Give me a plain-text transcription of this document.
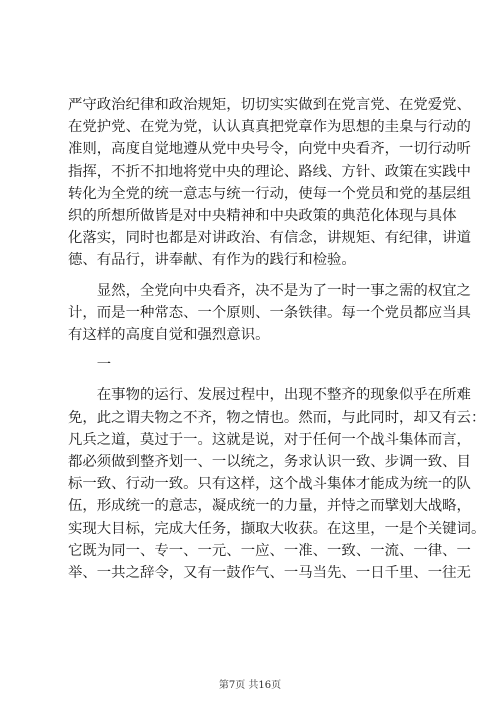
严守政治纪律和政治规矩，切切实实做到在党言党、在党爱党、

在党护党、在党为党，认认真真把党章作为思想的圭臬与行动的

准则，高度自觉地遵从党中央号令，向党中央看齐，一切行动听

指挥，不折不扣地将党中央的理论、路线、方针、政策在实践中

转化为全党的统一意志与统一行动，使每一个党员和党的基层组

织的所想所做皆是对中央精神和中央政策的典范化体现与具体

化落实，同时也都是对讲政治、有信念，讲规矩、有纪律，讲道

德、有品行，讲奉献、有作为的践行和检验。

　　显然，全党向中央看齐，决不是为了一时一事之需的权宜之

计，而是一种常态、一个原则、一条铁律。每一个党员都应当具

有这样的高度自觉和强烈意识。

　　一

　　在事物的运行、发展过程中，出现不整齐的现象似乎在所难

免，此之谓夫物之不齐，物之情也。然而，与此同时，却又有云：

凡兵之道，莫过于一。这就是说，对于任何一个战斗集体而言，

都必须做到整齐划一、一以统之，务求认识一致、步调一致、目

标一致、行动一致。只有这样，这个战斗集体才能成为统一的队

伍，形成统一的意志，凝成统一的力量，并恃之而擘划大战略，

实现大目标，完成大任务，撷取大收获。在这里，一是个关键词。

它既为同一、专一、一元、一应、一准、一致、一流、一律、一

举、一共之辞令，又有一鼓作气、一马当先、一日千里、一往无

第7页 共16页
